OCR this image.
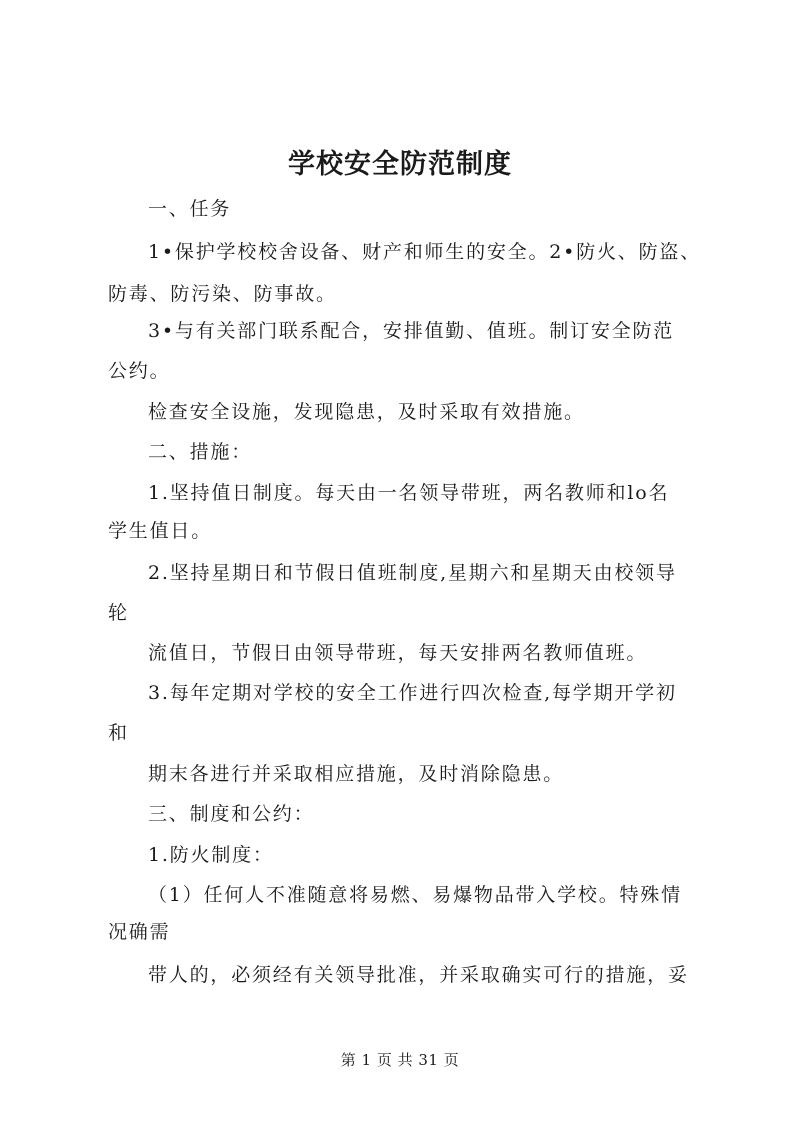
学校安全防范制度
一、任务
1•保护学校校舍设备、财产和师生的安全。2•防火、防盗、
防毒、防污染、防事故。
3•与有关部门联系配合，安排值勤、值班。制订安全防范
公约。
检查安全设施，发现隐患，及时采取有效措施。
二、措施：
1.坚持值日制度。每天由一名领导带班，两名教师和lo名
学生值日。
2.坚持星期日和节假日值班制度,星期六和星期天由校领导
轮
流值日，节假日由领导带班，每天安排两名教师值班。
3.每年定期对学校的安全工作进行四次检查,每学期开学初
和
期末各进行并采取相应措施，及时消除隐患。
三、制度和公约：
1.防火制度：
（1）任何人不准随意将易燃、易爆物品带入学校。特殊情
况确需
带人的，必须经有关领导批准，并采取确实可行的措施，妥
第 1 页 共 31 页
